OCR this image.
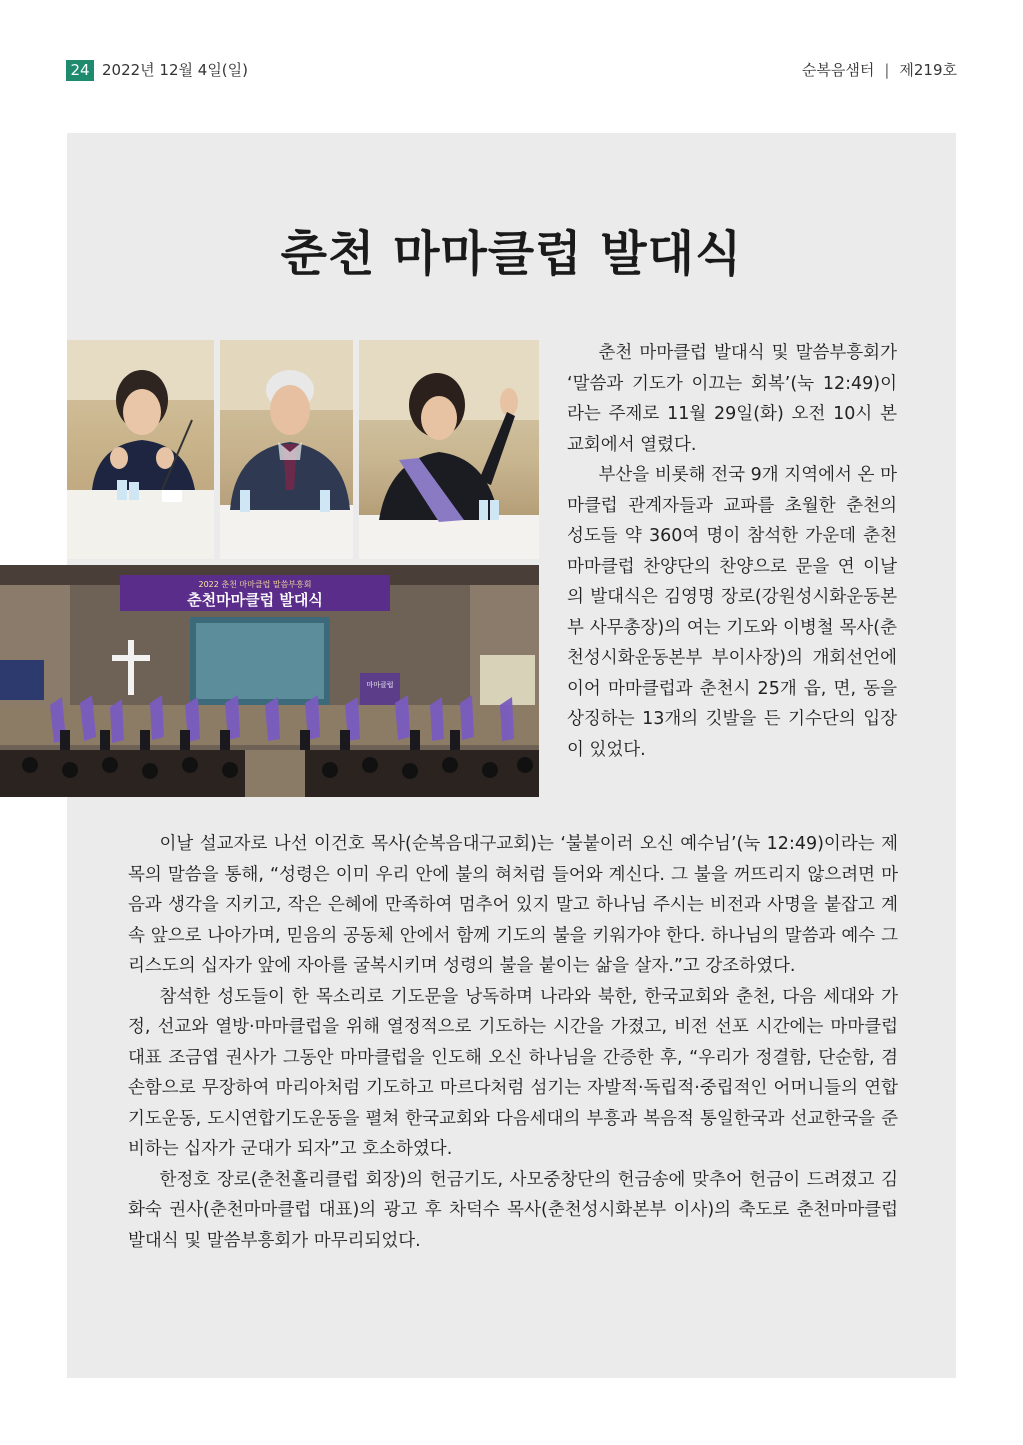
24 2022년 12월 4일(일)	순복음샘터 | 제219호
춘천 마마클럽 발대식
2022 춘천 마마클럽 말씀부흥회
춘천마마클럽 발대식
마마클럽

춘천 마마클럽 발대식 및 말씀부흥회가 ‘말씀과 기도가 이끄는 회복’(눅 12:49)이라는 주제로 11월 29일(화) 오전 10시 본교회에서 열렸다.

부산을 비롯해 전국 9개 지역에서 온 마마클럽 관계자들과 교파를 초월한 춘천의 성도들 약 360여 명이 참석한 가운데 춘천마마클럽 찬양단의 찬양으로 문을 연 이날의 발대식은 김영명 장로(강원성시화운동본부 사무총장)의 여는 기도와 이병철 목사(춘천성시화운동본부 부이사장)의 개회선언에 이어 마마클럽과 춘천시 25개 읍, 면, 동을 상징하는 13개의 깃발을 든 기수단의 입장이 있었다.

이날 설교자로 나선 이건호 목사(순복음대구교회)는 ‘불붙이러 오신 예수님’(눅 12:49)이라는 제목의 말씀을 통해, “성령은 이미 우리 안에 불의 혀처럼 들어와 계신다. 그 불을 꺼뜨리지 않으려면 마음과 생각을 지키고, 작은 은혜에 만족하여 멈추어 있지 말고 하나님 주시는 비전과 사명을 붙잡고 계속 앞으로 나아가며, 믿음의 공동체 안에서 함께 기도의 불을 키워가야 한다. 하나님의 말씀과 예수 그리스도의 십자가 앞에 자아를 굴복시키며 성령의 불을 붙이는 삶을 살자.”고 강조하였다.

참석한 성도들이 한 목소리로 기도문을 낭독하며 나라와 북한, 한국교회와 춘천, 다음 세대와 가정, 선교와 열방·마마클럽을 위해 열정적으로 기도하는 시간을 가졌고, 비전 선포 시간에는 마마클럽 대표 조금엽 권사가 그동안 마마클럽을 인도해 오신 하나님을 간증한 후, “우리가 정결함, 단순함, 겸손함으로 무장하여 마리아처럼 기도하고 마르다처럼 섬기는 자발적·독립적·중립적인 어머니들의 연합기도운동, 도시연합기도운동을 펼쳐 한국교회와 다음세대의 부흥과 복음적 통일한국과 선교한국을 준비하는 십자가 군대가 되자”고 호소하였다.

한정호 장로(춘천홀리클럽 회장)의 헌금기도, 사모중창단의 헌금송에 맞추어 헌금이 드려졌고 김화숙 권사(춘천마마클럽 대표)의 광고 후 차덕수 목사(춘천성시화본부 이사)의 축도로 춘천마마클럽 발대식 및 말씀부흥회가 마무리되었다.
